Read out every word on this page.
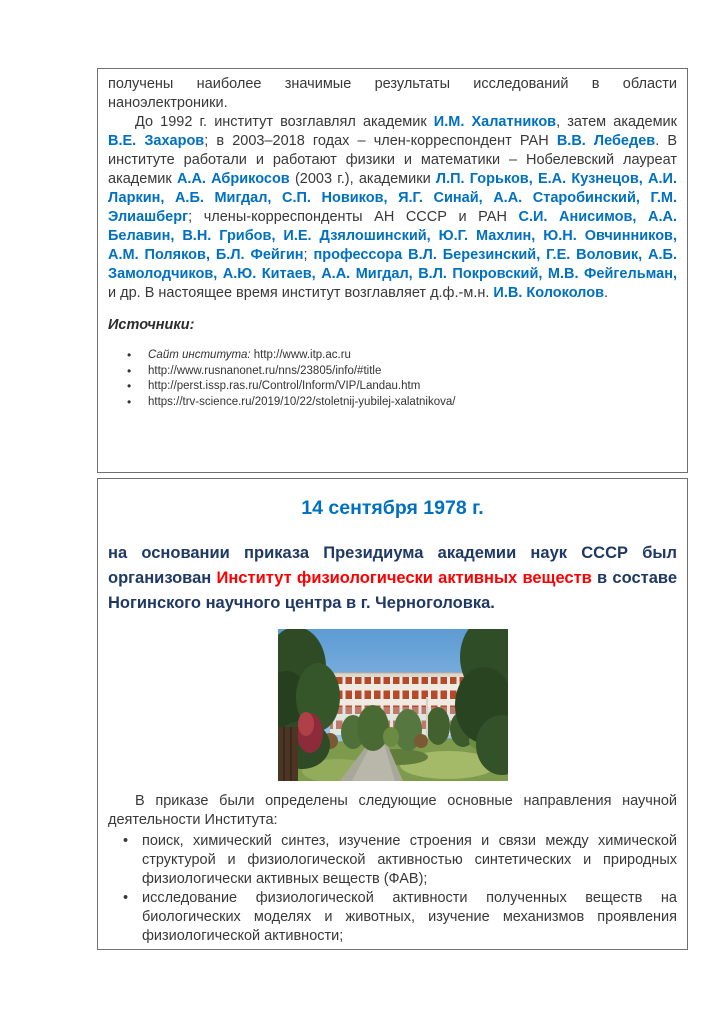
получены наиболее значимые результаты исследований в области наноэлектроники.

До 1992 г. институт возглавлял академик И.М. Халатников, затем академик В.Е. Захаров; в 2003–2018 годах – член-корреспондент РАН В.В. Лебедев. В институте работали и работают физики и математики – Нобелевский лауреат академик А.А. Абрикосов (2003 г.), академики Л.П. Горьков, Е.А. Кузнецов, А.И. Ларкин, А.Б. Мигдал, С.П. Новиков, Я.Г. Синай, А.А. Старобинский, Г.М. Элиашберг; члены-корреспонденты АН СССР и РАН С.И. Анисимов, А.А. Белавин, В.Н. Грибов, И.Е. Дзялошинский, Ю.Г. Махлин, Ю.Н. Овчинников, А.М. Поляков, Б.Л. Фейгин; профессора В.Л. Березинский, Г.Е. Воловик, А.Б. Замолодчиков, А.Ю. Китаев, А.А. Мигдал, В.Л. Покровский, М.В. Фейгельман, и др. В настоящее время институт возглавляет д.ф.-м.н. И.В. Колоколов.

Источники:

• Сайт института: http://www.itp.ac.ru
• http://www.rusnanonet.ru/nns/23805/info/#title
• http://perst.issp.ras.ru/Control/Inform/VIP/Landau.htm
• https://trv-science.ru/2019/10/22/stoletnij-yubilej-xalatnikova/
14 сентября 1978 г.

на основании приказа Президиума академии наук СССР был организован Институт физиологически активных веществ в составе Ногинского научного центра в г. Черноголовка.

В приказе были определены следующие основные направления научной деятельности Института:

• поиск, химический синтез, изучение строения и связи между химической структурой и физиологической активностью синтетических и природных физиологически активных веществ (ФАВ);
• исследование физиологической активности полученных веществ на биологических моделях и животных, изучение механизмов проявления физиологической активности;
